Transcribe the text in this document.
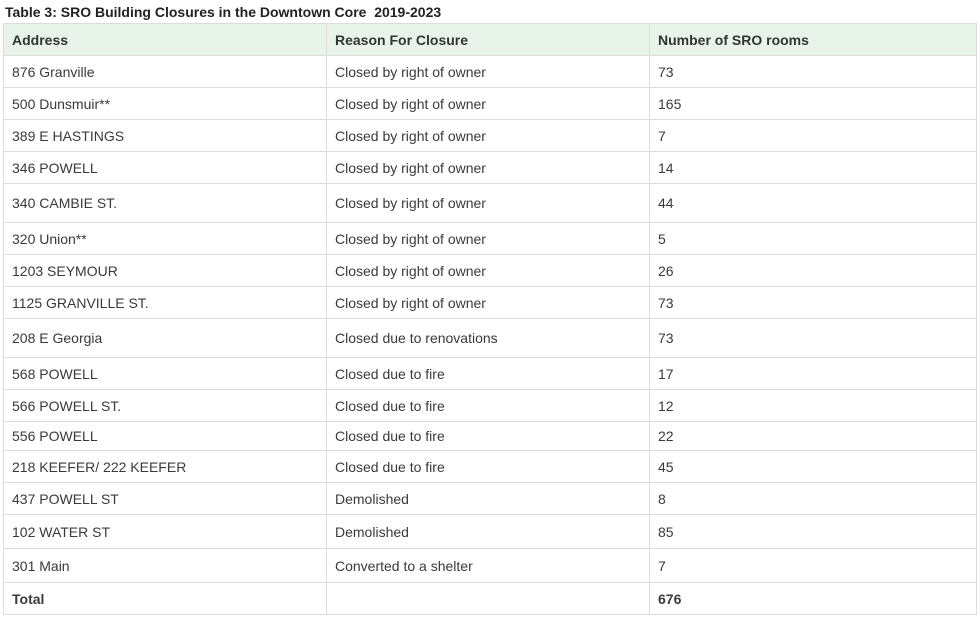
Table 3: SRO Building Closures in the Downtown Core  2019-2023
Address	Reason For Closure	Number of SRO rooms
876 Granville	Closed by right of owner	73
500 Dunsmuir**	Closed by right of owner	165
389 E HASTINGS	Closed by right of owner	7
346 POWELL	Closed by right of owner	14
340 CAMBIE ST.	Closed by right of owner	44
320 Union**	Closed by right of owner	5
1203 SEYMOUR	Closed by right of owner	26
1125 GRANVILLE ST.	Closed by right of owner	73
208 E Georgia	Closed due to renovations	73
568 POWELL	Closed due to fire	17
566 POWELL ST.	Closed due to fire	12
556 POWELL	Closed due to fire	22
218 KEEFER/ 222 KEEFER	Closed due to fire	45
437 POWELL ST	Demolished	8
102 WATER ST	Demolished	85
301 Main	Converted to a shelter	7
Total		676
